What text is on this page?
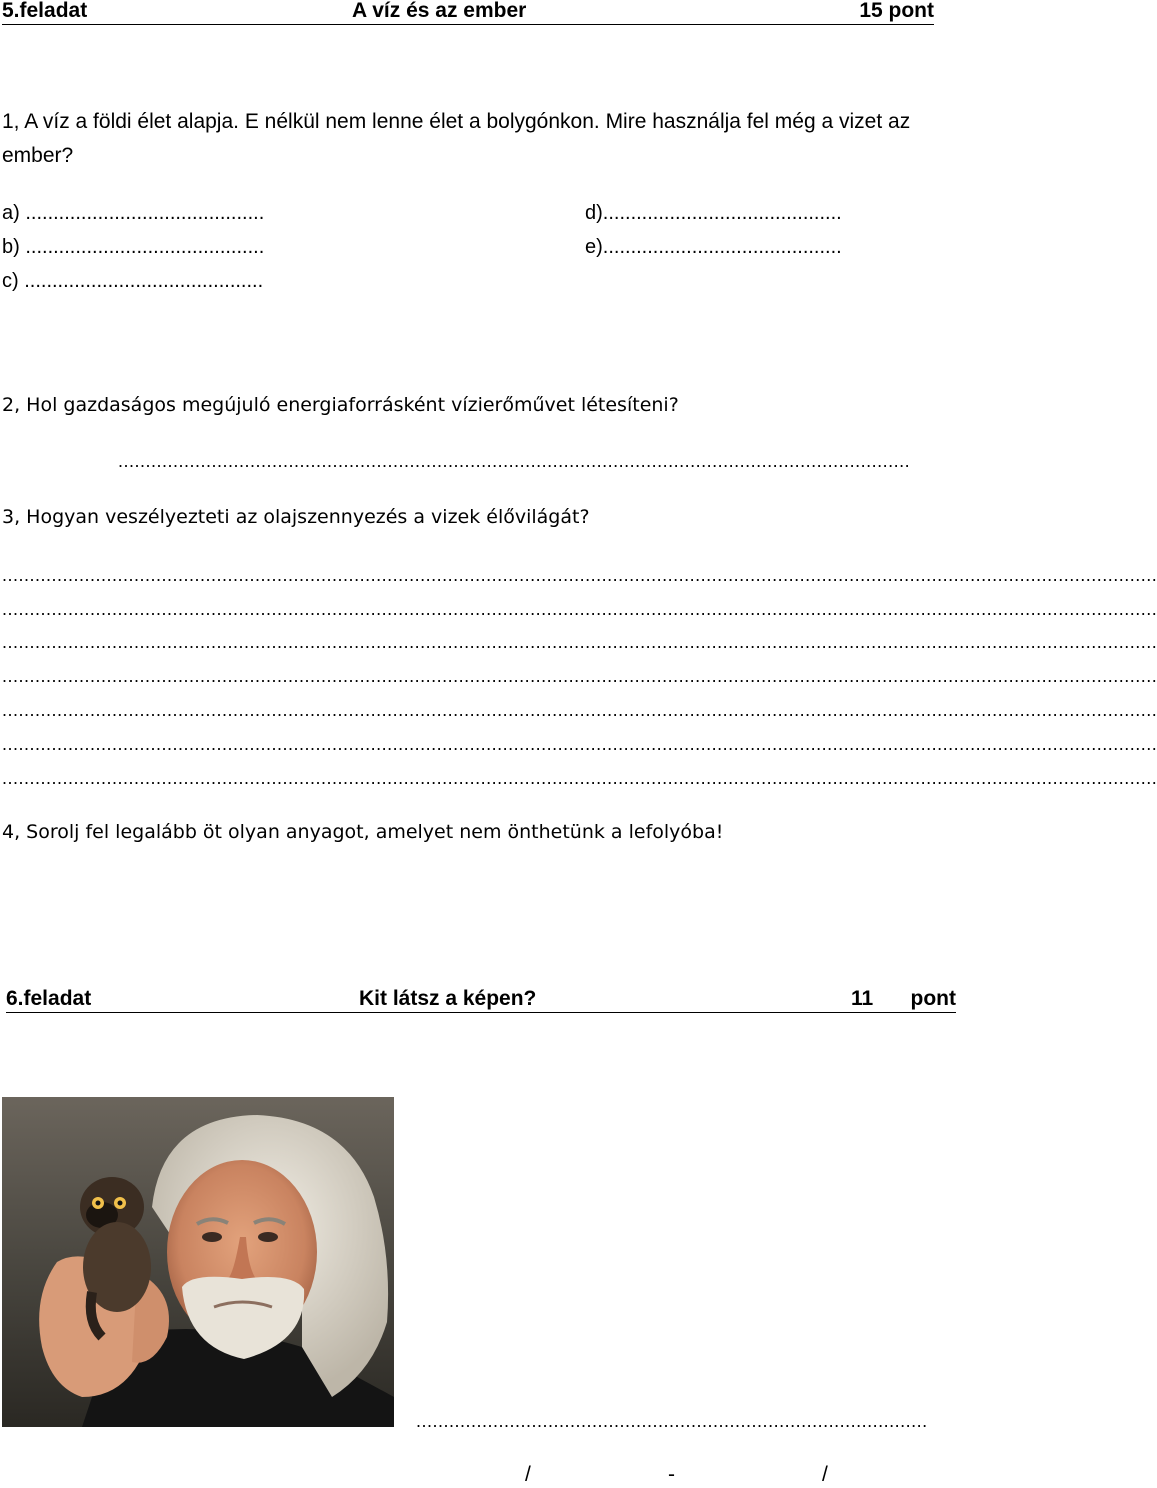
5.feladat	A víz és az ember	15 pont
1, A víz a földi élet alapja. E nélkül nem lenne élet a bolygónkon. Mire használja fel még a vizet az
ember?
a) ...........................................
b) ...........................................
c) ...........................................
d)...........................................
e)...........................................
2, Hol gazdaságos megújuló energiaforrásként vízierőművet létesíteni?
................................................................................................................................................
3, Hogyan veszélyezteti az olajszennyezés a vizek élővilágát?
..................................................................................................................................................................................................................
..................................................................................................................................................................................................................
..................................................................................................................................................................................................................
..................................................................................................................................................................................................................
..................................................................................................................................................................................................................
..................................................................................................................................................................................................................
..................................................................................................................................................................................................................
4, Sorolj fel legalább öt olyan anyagot, amelyet nem önthetünk a lefolyóba!
6.feladat	Kit látsz a képen?	11 pont
.............................................................................................
/	-	/
